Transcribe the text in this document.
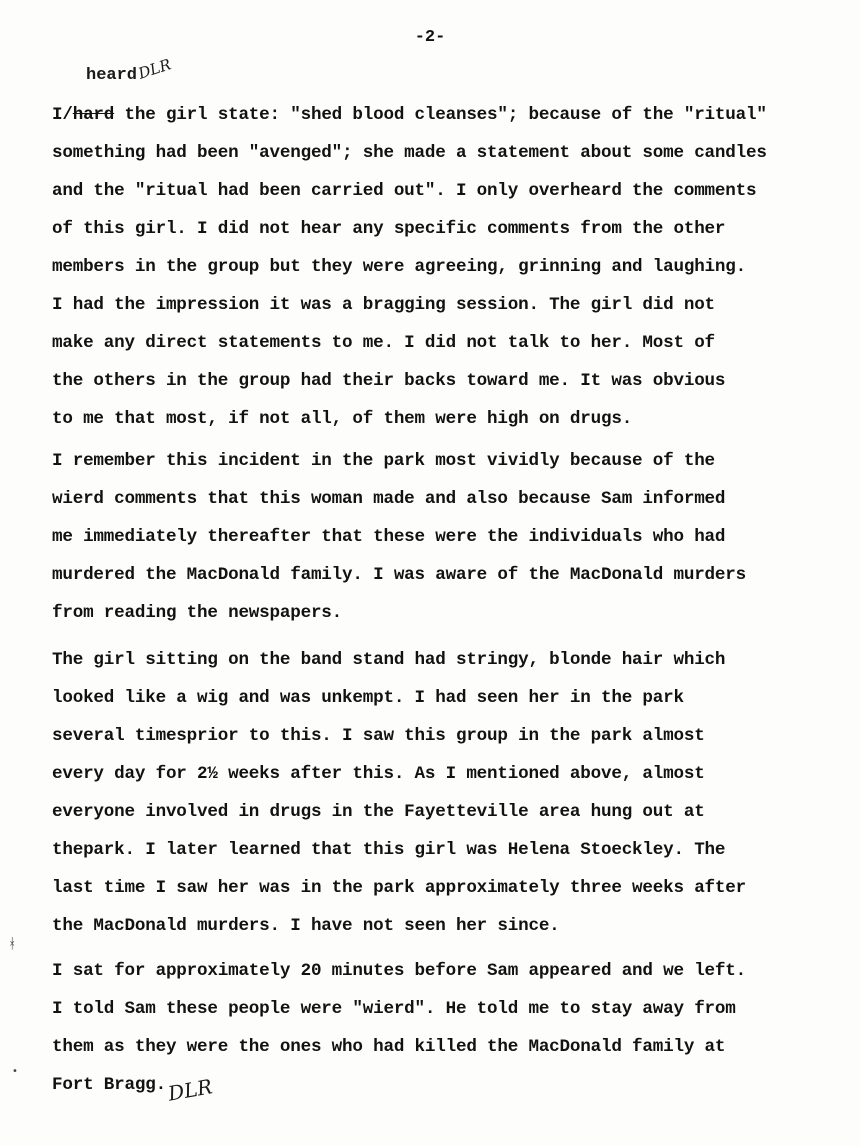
-2-
heard DLR
I/hard the girl state: "shed blood cleanses"; because of the "ritual"
something had been "avenged"; she made a statement about some candles
and the "ritual had been carried out". I only overheard the comments
of this girl. I did not hear any specific comments from the other
members in the group but they were agreeing, grinning and laughing.
I had the impression it was a bragging session. The girl did not
make any direct statements to me. I did not talk to her. Most of
the others in the group had their backs toward me. It was obvious
to me that most, if not all, of them were high on drugs.
I remember this incident in the park most vividly because of the
wierd comments that this woman made and also because Sam informed
me immediately thereafter that these were the individuals who had
murdered the MacDonald family. I was aware of the MacDonald murders
from reading the newspapers.
The girl sitting on the band stand had stringy, blonde hair which
looked like a wig and was unkempt. I had seen her in the park
several timesprior to this. I saw this group in the park almost
every day for 2½ weeks after this. As I mentioned above, almost
everyone involved in drugs in the Fayetteville area hung out at
thepark. I later learned that this girl was Helena Stoeckley. The
last time I saw her was in the park approximately three weeks after
the MacDonald murders. I have not seen her since.
I sat for approximately 20 minutes before Sam appeared and we left.
I told Sam these people were "wierd". He told me to stay away from
them as they were the ones who had killed the MacDonald family at
Fort Bragg. DLR
ᚼ
•
